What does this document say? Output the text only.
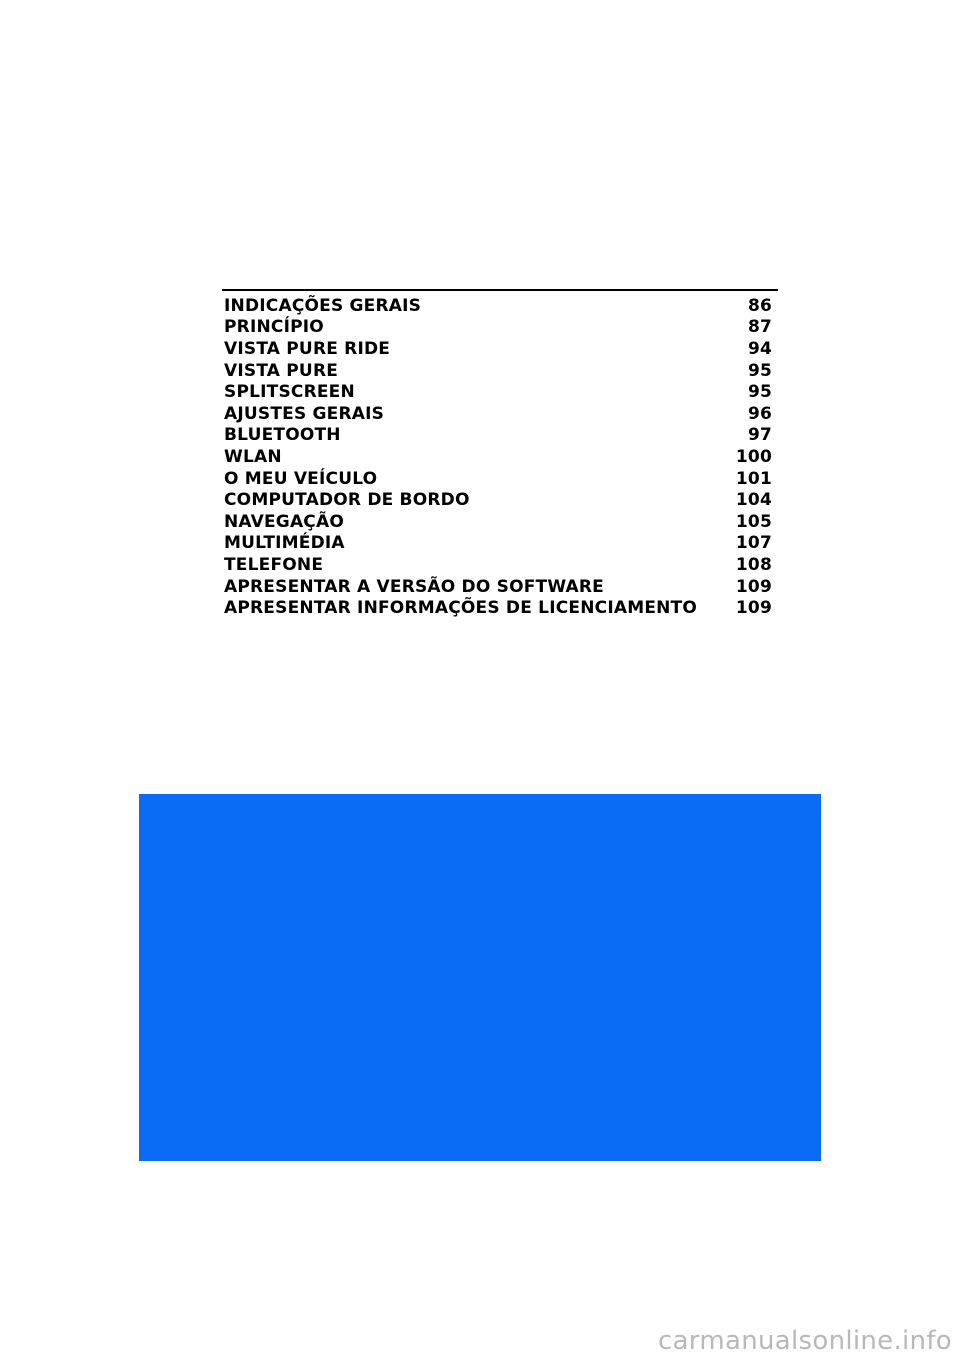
INDICAÇÕES GERAIS	86
PRINCÍPIO	87
VISTA PURE RIDE	94
VISTA PURE	95
SPLITSCREEN	95
AJUSTES GERAIS	96
BLUETOOTH	97
WLAN	100
O MEU VEÍCULO	101
COMPUTADOR DE BORDO	104
NAVEGAÇÃO	105
MULTIMÉDIA	107
TELEFONE	108
APRESENTAR A VERSÃO DO SOFTWARE	109
APRESENTAR INFORMAÇÕES DE LICENCIAMENTO 109
carmanualsonline.info
